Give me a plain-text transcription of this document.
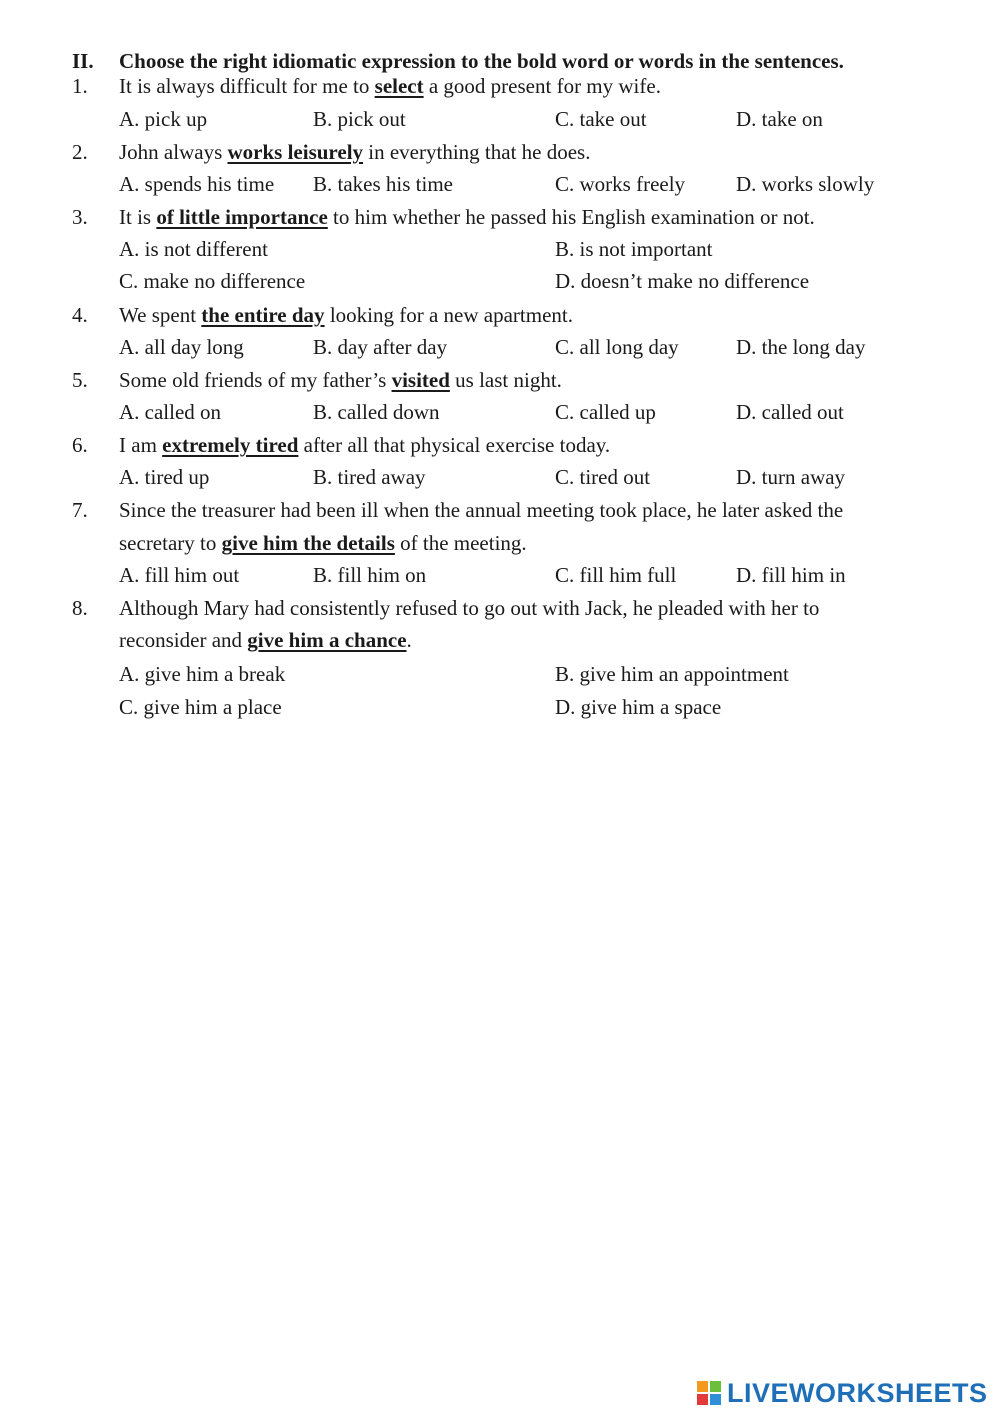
II. Choose the right idiomatic expression to the bold word or words in the sentences.
1. It is always difficult for me to select a good present for my wife.
A. pick up	B. pick out	C. take out	D. take on
2. John always works leisurely in everything that he does.
A. spends his time B. takes his time	C. works freely D. works slowly
3. It is of little importance to him whether he passed his English examination or not.
A. is not different	B. is not important
C. make no difference	D. doesn’t make no difference
4. We spent the entire day looking for a new apartment.
A. all day long	B. day after day	C. all long day	D. the long day
5. Some old friends of my father’s visited us last night.
A. called on	B. called down	C. called up	D. called out
6. I am extremely tired after all that physical exercise today.
A. tired up	B. tired away	C. tired out	D. turn away
7. Since the treasurer had been ill when the annual meeting took place, he later asked the
secretary to give him the details of the meeting.
A. fill him out	B. fill him on	C. fill him full	D. fill him in
8. Although Mary had consistently refused to go out with Jack, he pleaded with her to
reconsider and give him a chance.
A. give him a break	B. give him an appointment
C. give him a place	D. give him a space
LIVEWORKSHEETS
